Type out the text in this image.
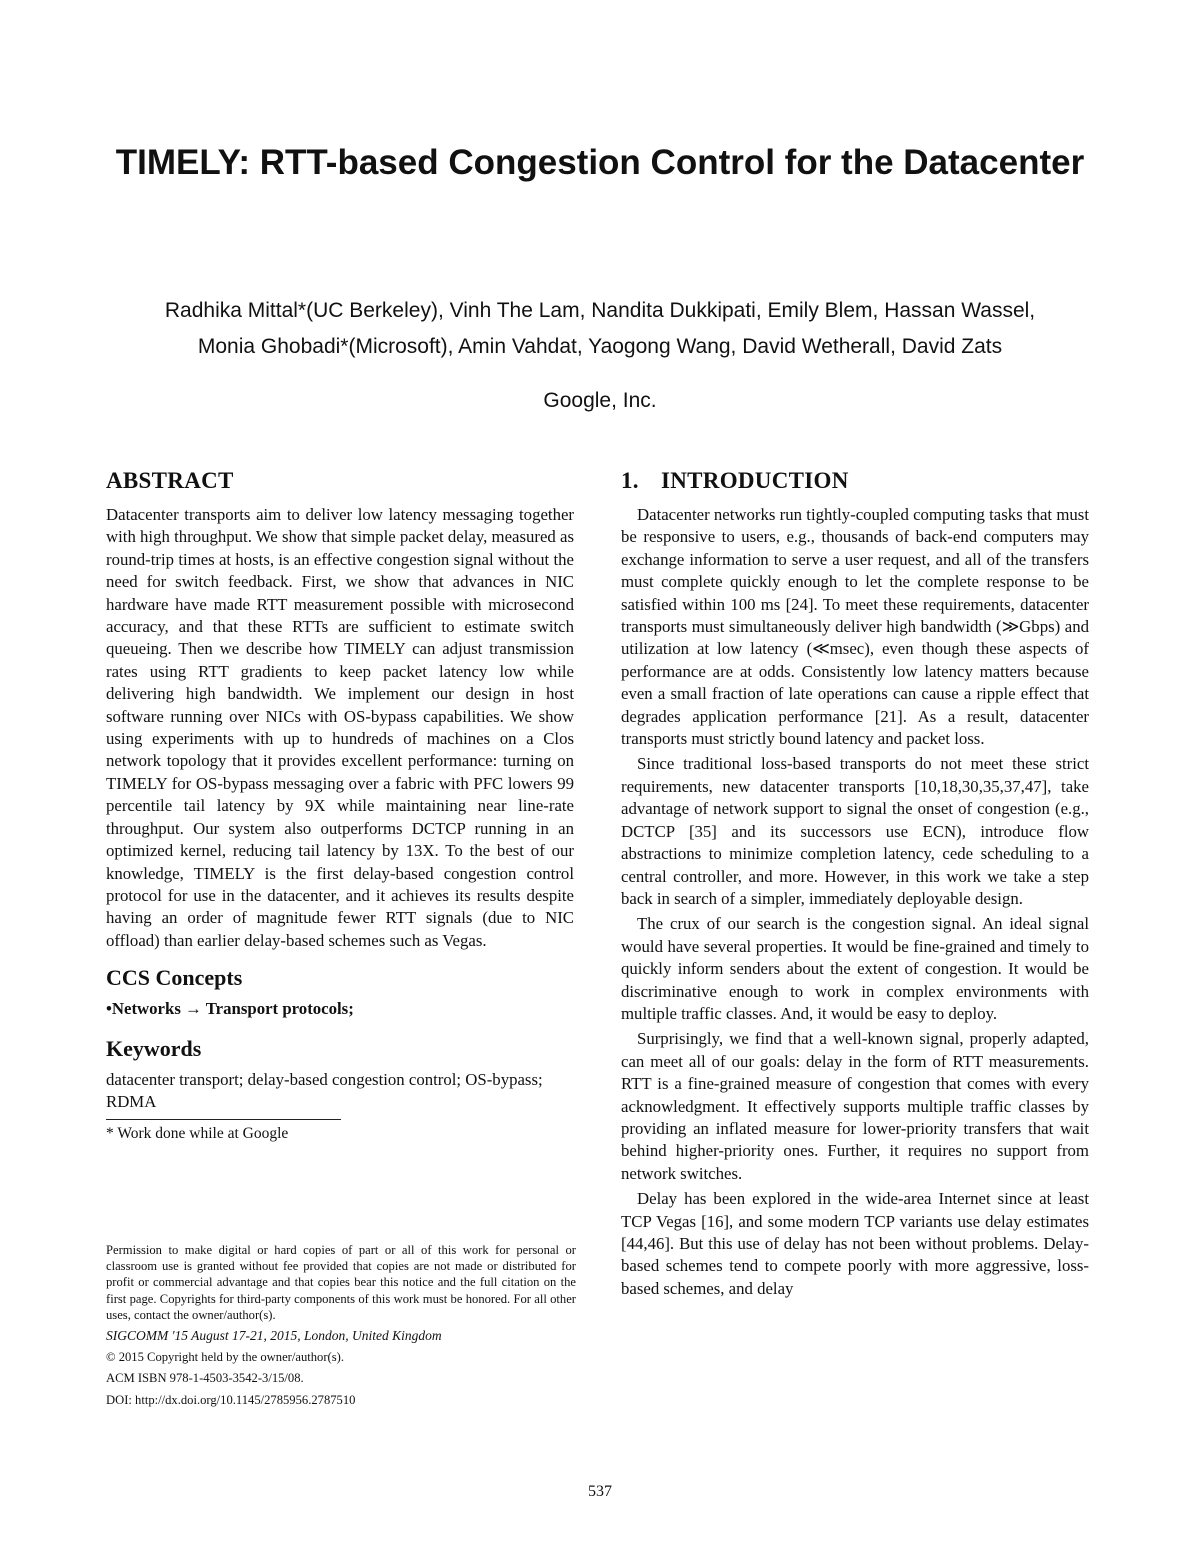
TIMELY: RTT-based Congestion Control for the Datacenter
Radhika Mittal*(UC Berkeley), Vinh The Lam, Nandita Dukkipati, Emily Blem, Hassan Wassel,
Monia Ghobadi*(Microsoft), Amin Vahdat, Yaogong Wang, David Wetherall, David Zats
Google, Inc.
ABSTRACT

Datacenter transports aim to deliver low latency messaging together with high throughput. We show that simple packet delay, measured as round-trip times at hosts, is an effective congestion signal without the need for switch feedback. First, we show that advances in NIC hardware have made RTT measurement possible with microsecond accuracy, and that these RTTs are sufficient to estimate switch queueing. Then we describe how TIMELY can adjust transmission rates using RTT gradients to keep packet latency low while delivering high bandwidth. We implement our design in host software running over NICs with OS-bypass capabilities. We show using experiments with up to hundreds of machines on a Clos network topology that it provides excellent performance: turning on TIMELY for OS-bypass messaging over a fabric with PFC lowers 99 percentile tail latency by 9X while maintaining near line-rate throughput. Our system also outperforms DCTCP running in an optimized kernel, reducing tail latency by 13X. To the best of our knowledge, TIMELY is the first delay-based congestion control protocol for use in the datacenter, and it achieves its results despite having an order of magnitude fewer RTT signals (due to NIC offload) than earlier delay-based schemes such as Vegas.

CCS Concepts

•Networks → Transport protocols;

Keywords

datacenter transport; delay-based congestion control; OS-bypass; RDMA

* Work done while at Google

Permission to make digital or hard copies of part or all of this work for personal or classroom use is granted without fee provided that copies are not made or distributed for profit or commercial advantage and that copies bear this notice and the full citation on the first page. Copyrights for third-party components of this work must be honored. For all other uses, contact the owner/author(s).

SIGCOMM '15 August 17-21, 2015, London, United Kingdom
© 2015 Copyright held by the owner/author(s).
ACM ISBN 978-1-4503-3542-3/15/08.
DOI: http://dx.doi.org/10.1145/2785956.2787510
1. INTRODUCTION

Datacenter networks run tightly-coupled computing tasks that must be responsive to users, e.g., thousands of back-end computers may exchange information to serve a user request, and all of the transfers must complete quickly enough to let the complete response to be satisfied within 100 ms [24]. To meet these requirements, datacenter transports must simultaneously deliver high bandwidth (≫Gbps) and utilization at low latency (≪msec), even though these aspects of performance are at odds. Consistently low latency matters because even a small fraction of late operations can cause a ripple effect that degrades application performance [21]. As a result, datacenter transports must strictly bound latency and packet loss.

Since traditional loss-based transports do not meet these strict requirements, new datacenter transports [10,18,30,35,37,47], take advantage of network support to signal the onset of congestion (e.g., DCTCP [35] and its successors use ECN), introduce flow abstractions to minimize completion latency, cede scheduling to a central controller, and more. However, in this work we take a step back in search of a simpler, immediately deployable design.

The crux of our search is the congestion signal. An ideal signal would have several properties. It would be fine-grained and timely to quickly inform senders about the extent of congestion. It would be discriminative enough to work in complex environments with multiple traffic classes. And, it would be easy to deploy.

Surprisingly, we find that a well-known signal, properly adapted, can meet all of our goals: delay in the form of RTT measurements. RTT is a fine-grained measure of congestion that comes with every acknowledgment. It effectively supports multiple traffic classes by providing an inflated measure for lower-priority transfers that wait behind higher-priority ones. Further, it requires no support from network switches.

Delay has been explored in the wide-area Internet since at least TCP Vegas [16], and some modern TCP variants use delay estimates [44,46]. But this use of delay has not been without problems. Delay-based schemes tend to compete poorly with more aggressive, loss-based schemes, and delay

537
